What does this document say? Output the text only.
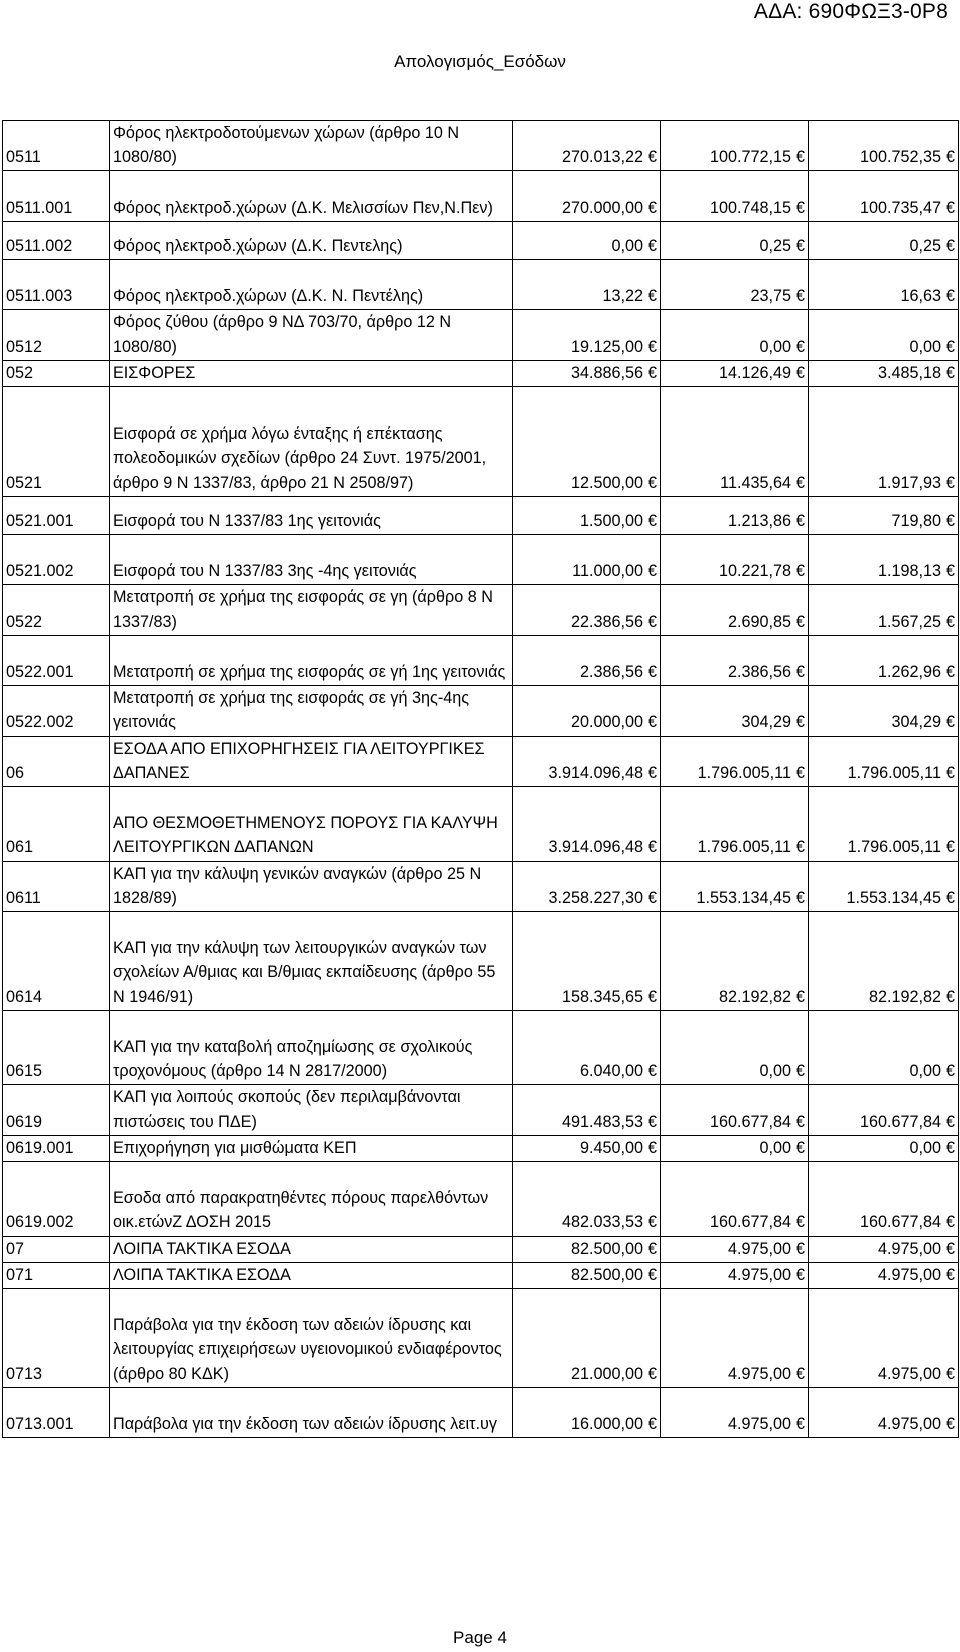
ΑΔΑ: 690ΦΩΞ3-0Ρ8
Απολογισμός_Εσόδων
0511	Φόρος ηλεκτροδοτούμενων χώρων (άρθρο 10 Ν 1080/80)	270.013,22 €	100.772,15 €	100.752,35 €
0511.001	Φόρος ηλεκτροδ.χώρων (Δ.Κ. Μελισσίων Πεν,Ν.Πεν)	270.000,00 €	100.748,15 €	100.735,47 €
0511.002	Φόρος ηλεκτροδ.χώρων (Δ.Κ. Πεντελης)	0,00 €	0,25 €	0,25 €
0511.003	Φόρος ηλεκτροδ.χώρων (Δ.Κ. Ν. Πεντέλης)	13,22 €	23,75 €	16,63 €
0512	Φόρος ζύθου (άρθρο 9 ΝΔ 703/70, άρθρο 12 Ν 1080/80)	19.125,00 €	0,00 €	0,00 €
052	ΕΙΣΦΟΡΕΣ	34.886,56 €	14.126,49 €	3.485,18 €
0521	Εισφορά σε χρήμα λόγω ένταξης ή επέκτασης πολεοδομικών σχεδίων (άρθρο 24 Συντ. 1975/2001, άρθρο 9 Ν 1337/83, άρθρο 21 Ν 2508/97)	12.500,00 €	11.435,64 €	1.917,93 €
0521.001	Εισφορά του Ν 1337/83 1ης γειτονιάς	1.500,00 €	1.213,86 €	719,80 €
0521.002	Εισφορά του Ν 1337/83 3ης -4ης γειτονιάς	11.000,00 €	10.221,78 €	1.198,13 €
0522	Μετατροπή σε χρήμα της εισφοράς σε γη (άρθρο 8 Ν 1337/83)	22.386,56 €	2.690,85 €	1.567,25 €
0522.001	Μετατροπή σε χρήμα της εισφοράς σε γή 1ης γειτονιάς	2.386,56 €	2.386,56 €	1.262,96 €
0522.002	Μετατροπή σε χρήμα της εισφοράς σε γή 3ης-4ης γειτονιάς	20.000,00 €	304,29 €	304,29 €
06	ΕΣΟΔΑ ΑΠΟ ΕΠΙΧΟΡΗΓΗΣΕΙΣ ΓΙΑ ΛΕΙΤΟΥΡΓΙΚΕΣ ΔΑΠΑΝΕΣ	3.914.096,48 €	1.796.005,11 €	1.796.005,11 €
061	ΑΠΟ ΘΕΣΜΟΘΕΤΗΜΕΝΟΥΣ ΠΟΡΟΥΣ ΓΙΑ ΚΑΛΥΨΗ ΛΕΙΤΟΥΡΓΙΚΩΝ ΔΑΠΑΝΩΝ	3.914.096,48 €	1.796.005,11 €	1.796.005,11 €
0611	ΚΑΠ για την κάλυψη γενικών αναγκών (άρθρο 25 Ν 1828/89)	3.258.227,30 €	1.553.134,45 €	1.553.134,45 €
0614	ΚΑΠ για την κάλυψη των λειτουργικών αναγκών των σχολείων Α/θμιας και Β/θμιας εκπαίδευσης (άρθρο 55 Ν 1946/91)	158.345,65 €	82.192,82 €	82.192,82 €
0615	ΚΑΠ για την καταβολή αποζημίωσης σε σχολικούς τροχονόμους (άρθρο 14 Ν 2817/2000)	6.040,00 €	0,00 €	0,00 €
0619	ΚΑΠ για λοιπούς σκοπούς (δεν περιλαμβάνονται πιστώσεις του ΠΔΕ)	491.483,53 €	160.677,84 €	160.677,84 €
0619.001	Επιχορήγηση για μισθώματα ΚΕΠ	9.450,00 €	0,00 €	0,00 €
0619.002	Εσοδα από παρακρατηθέντες πόρους παρελθόντων οικ.ετώνΖ ΔΟΣΗ 2015	482.033,53 €	160.677,84 €	160.677,84 €
07	ΛΟΙΠΑ ΤΑΚΤΙΚΑ ΕΣΟΔΑ	82.500,00 €	4.975,00 €	4.975,00 €
071	ΛΟΙΠΑ ΤΑΚΤΙΚΑ ΕΣΟΔΑ	82.500,00 €	4.975,00 €	4.975,00 €
0713	Παράβολα για την έκδοση των αδειών ίδρυσης και λειτουργίας επιχειρήσεων υγειονομικού ενδιαφέροντος (άρθρο 80 ΚΔΚ)	21.000,00 €	4.975,00 €	4.975,00 €
0713.001	Παράβολα για την έκδοση των αδειών ίδρυσης λειτ.υγ	16.000,00 €	4.975,00 €	4.975,00 €
Page 4
